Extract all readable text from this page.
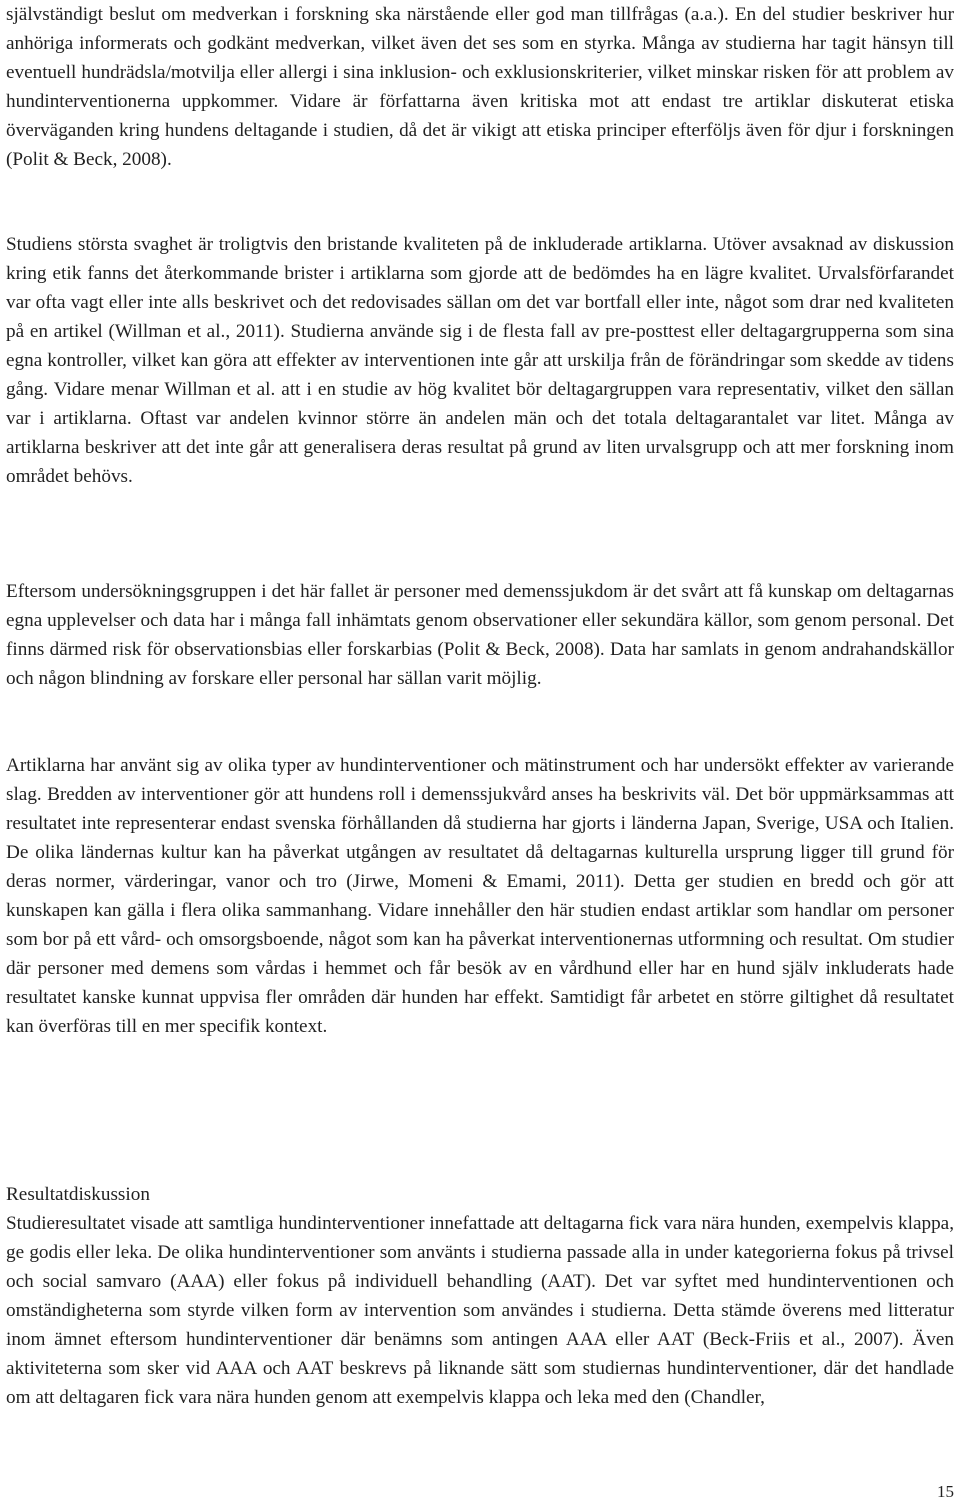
självständigt beslut om medverkan i forskning ska närstående eller god man tillfrågas (a.a.). En del studier beskriver hur anhöriga informerats och godkänt medverkan, vilket även det ses som en styrka. Många av studierna har tagit hänsyn till eventuell hundrädsla/motvilja eller allergi i sina inklusion- och exklusionskriterier, vilket minskar risken för att problem av hundinterventionerna uppkommer. Vidare är författarna även kritiska mot att endast tre artiklar diskuterat etiska överväganden kring hundens deltagande i studien, då det är vikigt att etiska principer efterföljs även för djur i forskningen (Polit & Beck, 2008).

Studiens största svaghet är troligtvis den bristande kvaliteten på de inkluderade artiklarna. Utöver avsaknad av diskussion kring etik fanns det återkommande brister i artiklarna som gjorde att de bedömdes ha en lägre kvalitet. Urvalsförfarandet var ofta vagt eller inte alls beskrivet och det redovisades sällan om det var bortfall eller inte, något som drar ned kvaliteten på en artikel (Willman et al., 2011). Studierna använde sig i de flesta fall av pre-posttest eller deltagargrupperna som sina egna kontroller, vilket kan göra att effekter av interventionen inte går att urskilja från de förändringar som skedde av tidens gång. Vidare menar Willman et al. att i en studie av hög kvalitet bör deltagargruppen vara representativ, vilket den sällan var i artiklarna. Oftast var andelen kvinnor större än andelen män och det totala deltagarantalet var litet. Många av artiklarna beskriver att det inte går att generalisera deras resultat på grund av liten urvalsgrupp och att mer forskning inom området behövs.

Eftersom undersökningsgruppen i det här fallet är personer med demenssjukdom är det svårt att få kunskap om deltagarnas egna upplevelser och data har i många fall inhämtats genom observationer eller sekundära källor, som genom personal. Det finns därmed risk för observationsbias eller forskarbias (Polit & Beck, 2008). Data har samlats in genom andrahandskällor och någon blindning av forskare eller personal har sällan varit möjlig.

Artiklarna har använt sig av olika typer av hundinterventioner och mätinstrument och har undersökt effekter av varierande slag. Bredden av interventioner gör att hundens roll i demenssjukvård anses ha beskrivits väl. Det bör uppmärksammas att resultatet inte representerar endast svenska förhållanden då studierna har gjorts i länderna Japan, Sverige, USA och Italien. De olika ländernas kultur kan ha påverkat utgången av resultatet då deltagarnas kulturella ursprung ligger till grund för deras normer, värderingar, vanor och tro (Jirwe, Momeni & Emami, 2011). Detta ger studien en bredd och gör att kunskapen kan gälla i flera olika sammanhang. Vidare innehåller den här studien endast artiklar som handlar om personer som bor på ett vård- och omsorgsboende, något som kan ha påverkat interventionernas utformning och resultat. Om studier där personer med demens som vårdas i hemmet och får besök av en vårdhund eller har en hund själv inkluderats hade resultatet kanske kunnat uppvisa fler områden där hunden har effekt. Samtidigt får arbetet en större giltighet då resultatet kan överföras till en mer specifik kontext.

Resultatdiskussion

Studieresultatet visade att samtliga hundinterventioner innefattade att deltagarna fick vara nära hunden, exempelvis klappa, ge godis eller leka. De olika hundinterventioner som använts i studierna passade alla in under kategorierna fokus på trivsel och social samvaro (AAA) eller fokus på individuell behandling (AAT). Det var syftet med hundinterventionen och omständigheterna som styrde vilken form av intervention som användes i studierna. Detta stämde överens med litteratur inom ämnet eftersom hundinterventioner där benämns som antingen AAA eller AAT (Beck-Friis et al., 2007). Även aktiviteterna som sker vid AAA och AAT beskrevs på liknande sätt som studiernas hundinterventioner, där det handlade om att deltagaren fick vara nära hunden genom att exempelvis klappa och leka med den (Chandler,

15
